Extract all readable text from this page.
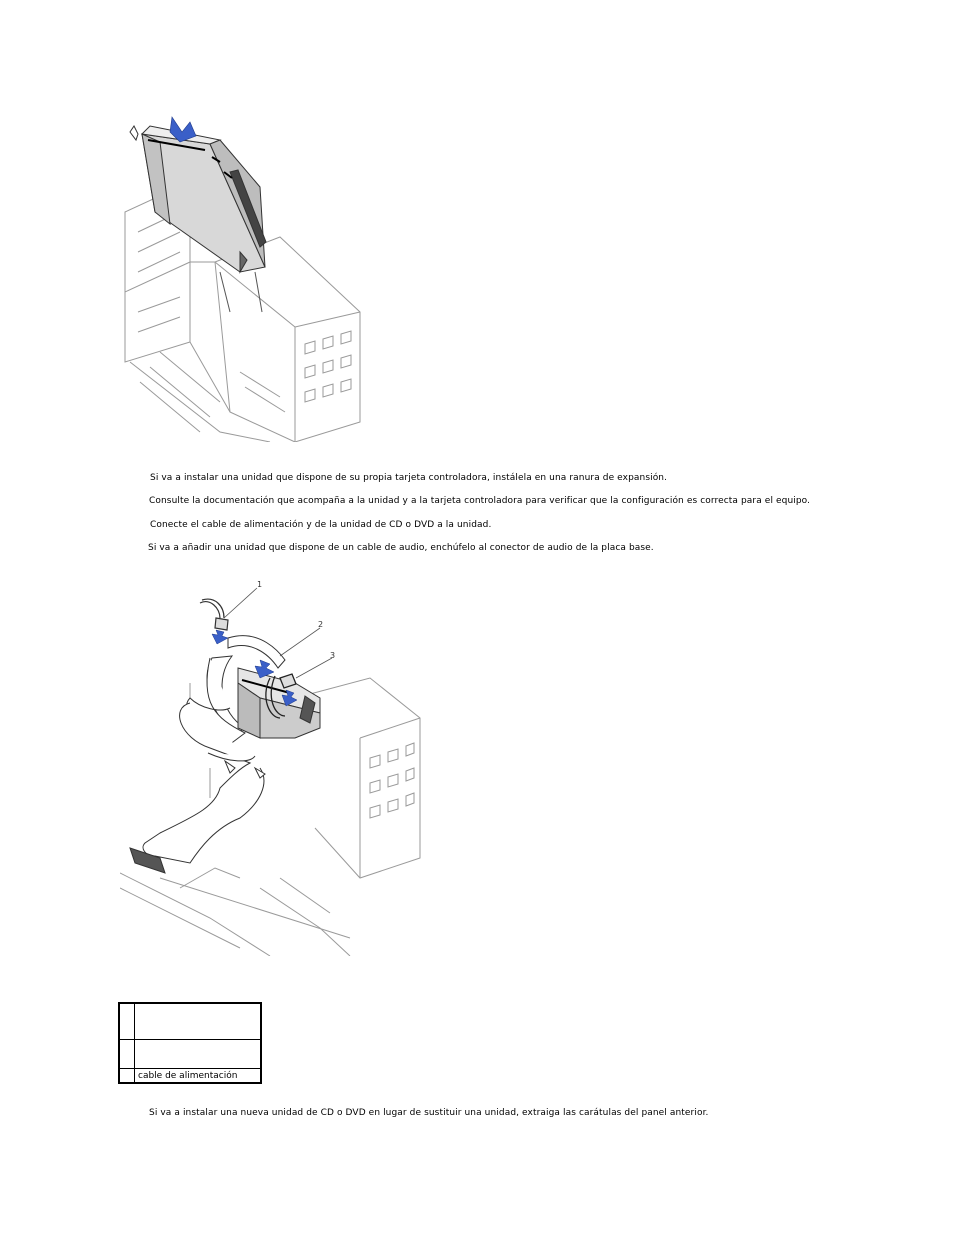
Si va a instalar una unidad que dispone de su propia tarjeta controladora, instálela en una ranura de expansión.

Consulte la documentación que acompaña a la unidad y a la tarjeta controladora para verificar que la configuración es correcta para el equipo.

Conecte el cable de alimentación y de la unidad de CD o DVD a la unidad.

Si va a añadir una unidad que dispone de un cable de audio, enchúfelo al conector de audio de la placa base.

1
2
3

	cable de alimentación

Si va a instalar una nueva unidad de CD o DVD en lugar de sustituir una unidad, extraiga las carátulas del panel anterior.
